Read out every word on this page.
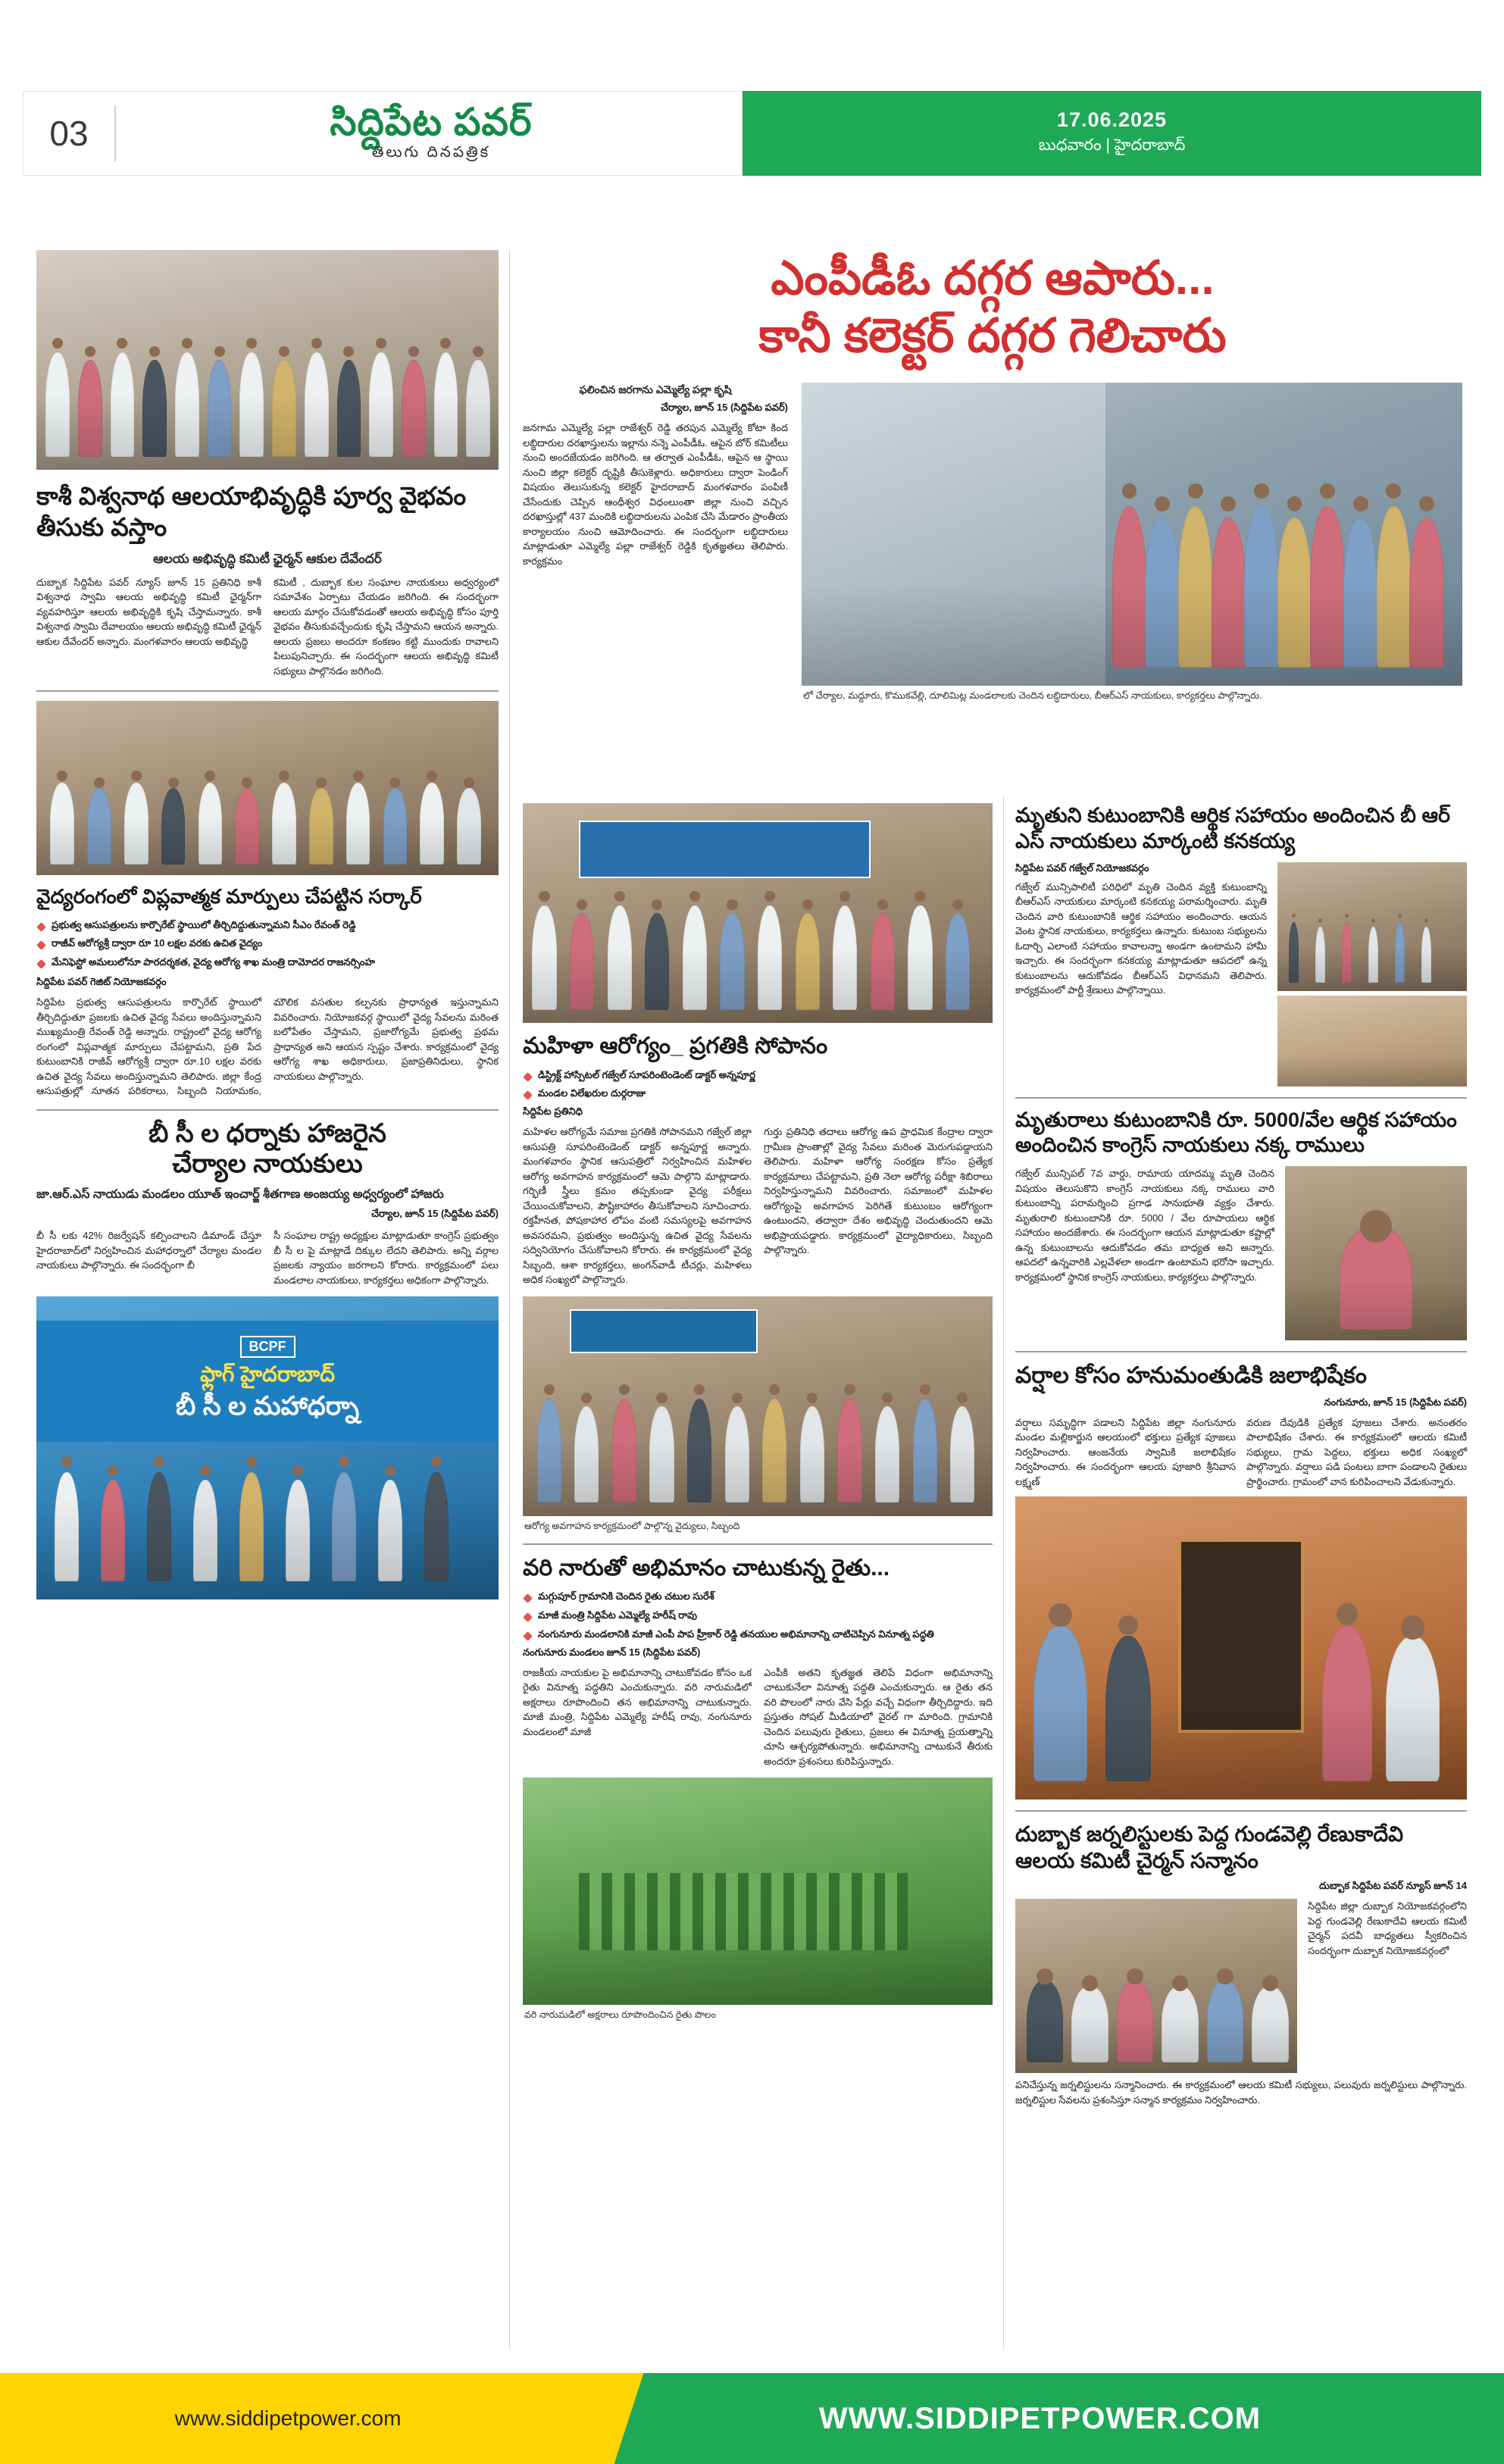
03	సిద్దిపేట పవర్
తెలుగు దినపత్రిక
17.06.2025
బుధవారం | హైదరాబాద్
కాశీ విశ్వనాథ ఆలయాభివృద్ధికి పూర్వ వైభవం తీసుకు వస్తాం
ఆలయ అభివృద్ధి కమిటీ ఛైర్మన్‌ ఆకుల దేవేందర్‌
దుబ్బాక సిద్దిపేట పవర్‌ న్యూస్‌ జూన్‌ 15 ప్రతినిధి కాశీ విశ్వనాథ స్వామి ఆలయ అభివృద్ధి కమిటీ ఛైర్మన్‌గా వ్యవహరిస్తూ ఆలయ అభివృద్ధికి కృషి చేస్తామన్నారు. కాశీ విశ్వనాథ స్వామి దేవాలయం ఆలయ అభివృద్ధి కమిటీ ఛైర్మన్‌ ఆకుల దేవేందర్‌ అన్నారు. మంగళవారం ఆలయ అభివృద్ధి
కమిటీ , దుబ్బాక కుల సంఘాల నాయకులు అధ్వర్యంలో సమావేశం ఏర్పాటు చేయడం జరిగింది. ఈ సందర్భంగా ఆలయ మార్గం చేసుకోవడంతో ఆలయ అభివృద్ధి కోసం పూర్తి వైభవం తీసుకువచ్చేందుకు కృషి చేస్తామని ఆయన అన్నారు. ఆలయ ప్రజలు అందరూ కంకణం కట్టి ముందుకు రావాలని పిలుపునిచ్చారు. ఈ సందర్భంగా ఆలయ అభివృద్ధి కమిటీ సభ్యులు పాల్గొనడం జరిగింది.
వైద్యరంగంలో విప్లవాత్మక మార్పులు చేపట్టిన సర్కార్
ప్రభుత్వ ఆసుపత్రులను కార్పొరేట్‌ స్థాయిలో తీర్చిదిద్దుతున్నామని సీఎం రేవంత్‌ రెడ్డి
రాజీవ్‌ ఆరోగ్యశ్రీ ద్వారా రూ 10 లక్షల వరకు ఉచిత వైద్యం
మేనిఫెస్టో అమలులోనూ పారదర్శకత, వైద్య ఆరోగ్య శాఖ మంత్రి దామోదర రాజనర్సింహ
సిద్దిపేట పవర్ గెజిట్ నియోజకవర్గం
సిద్దిపేట ప్రభుత్వ ఆసుపత్రులను కార్పొరేట్ స్థాయిలో తీర్చిదిద్దుతూ ప్రజలకు ఉచిత వైద్య సేవలు అందిస్తున్నామని ముఖ్యమంత్రి రేవంత్ రెడ్డి అన్నారు. రాష్ట్రంలో వైద్య ఆరోగ్య రంగంలో విప్లవాత్మక మార్పులు చేపట్టామని, ప్రతి పేద కుటుంబానికి రాజీవ్ ఆరోగ్యశ్రీ ద్వారా రూ.10 లక్షల వరకు ఉచిత వైద్య సేవలు అందిస్తున్నామని తెలిపారు. జిల్లా కేంద్ర ఆసుపత్రుల్లో నూతన పరికరాలు, సిబ్బంది నియామకం, మౌలిక వసతుల కల్పనకు ప్రాధాన్యత ఇస్తున్నామని వివరించారు. నియోజకవర్గ స్థాయిలో వైద్య సేవలను మరింత బలోపేతం చేస్తామని, ప్రజారోగ్యమే ప్రభుత్వ ప్రథమ ప్రాధాన్యత అని ఆయన స్పష్టం చేశారు. కార్యక్రమంలో వైద్య ఆరోగ్య శాఖ అధికారులు, ప్రజాప్రతినిధులు, స్థానిక నాయకులు పాల్గొన్నారు.
బీ సీ ల ధర్నాకు హాజరైన
చేర్యాల నాయకులు
జా.ఆర్‌.ఎస్‌ నాయుడు మండలం యూత్‌ ఇంచార్జ్‌ శీతగాణ అంజయ్య అధ్వర్యంలో హాజరు
చేర్యాల, జూన్ 15 (సిద్దిపేట పవర్)
బీ సీ లకు 42% రిజర్వేషన్‌ కల్పించాలని డిమాండ్‌ చేస్తూ హైదరాబాద్‌లో నిర్వహించిన మహాధర్నాలో చేర్యాల మండల నాయకులు పాల్గొన్నారు. ఈ సందర్భంగా బీ
సీ సంఘాల రాష్ట్ర అధ్యక్షుల మాట్లాడుతూ కాంగ్రెస్ ప్రభుత్వం బీ సీ ల పై మాట్లాడే దిక్కుల లేదని తెలిపారు. అన్ని వర్గాల ప్రజలకు న్యాయం జరగాలని కోరారు. కార్యక్రమంలో పలు మండలాల నాయకులు, కార్యకర్తలు అధికంగా పాల్గొన్నారు.
BCPF
ఫ్లాగ్ హైదరాబాద్
బీ సీ ల మహాధర్నా
ఎంపీడీఓ దగ్గర ఆపారు...
కానీ కలెక్టర్‌ దగ్గర గెలిచారు
ఫలించిన జరగాను ఎమ్మెల్యే పల్లా కృషి
చేర్యాల, జూన్ 15 (సిద్దిపేట పవర్)
జనగామ ఎమ్మెల్యే పల్లా రాజేశ్వర్‌ రెడ్డి తరపున ఎమ్మెల్యే కోటా కింద లబ్ధిదారుల దరఖాస్తులను ఇల్లాను నన్నె ఎంపీడీఓ. ఆపైన బోర్ కమిటీలు నుంచి అందజేయడం జరిగింది. ఆ తర్వాత ఎంపీడీఓ, ఆపైన ఆ స్థాయి నుంచి జిల్లా కలెక్టర్‌ దృష్టికి తీసుకెళ్లారు. అధికారులు ద్వారా పెండింగ్ విషయం తెలుసుకున్న కలెక్టర్‌ హైదరాబాద్ మంగళవారం పంపిణీ చేసేందుకు చెప్పిన ఆంధీశ్వర విధంలుంతా జిల్లా నుంచి వచ్చిన దరఖాస్తుల్లో 437 మందికి లబ్ధిదారులను ఎంపిక చేసి మేడారం ప్రాంతీయ కార్యాలయం నుంచి ఆమోదించారు. ఈ సందర్భంగా లబ్ధిదారులు మాట్లాడుతూ ఎమ్మెల్యే పల్లా రాజేశ్వర్‌ రెడ్డికి కృతజ్ఞతలు తెలిపారు. కార్యక్రమం
లో చేర్యాల, మద్దూరు, కొముకవేల్లి, దూలిమిట్ల మండలాలకు చెందిన లబ్ధిదారులు, బీఆర్ఎస్ నాయకులు, కార్యకర్తలు పాల్గొన్నారు.
మహిళా ఆరోగ్యం_ ప్రగతికి సోపానం
డిస్ట్రిక్ట్ హాస్పిటల్ గజ్వేల్ సూపరింటెండెంట్ డాక్టర్ అన్నపూర్ణ
మండల విలేఖరుల దుర్గరాజు
సిద్దిపేట ప్రతినిధి
మహిళల ఆరోగ్యమే సమాజ ప్రగతికి సోపానమని గజ్వేల్ జిల్లా ఆసుపత్రి సూపరింటెండెంట్ డాక్టర్ అన్నపూర్ణ అన్నారు. మంగళవారం స్థానిక ఆసుపత్రిలో నిర్వహించిన మహిళల ఆరోగ్య అవగాహన కార్యక్రమంలో ఆమె పాల్గొని మాట్లాడారు. గర్భిణీ స్త్రీలు క్రమం తప్పకుండా వైద్య పరీక్షలు చేయించుకోవాలని, పౌష్టికాహారం తీసుకోవాలని సూచించారు. రక్తహీనత, పోషకాహార లోపం వంటి సమస్యలపై అవగాహన అవసరమని, ప్రభుత్వం అందిస్తున్న ఉచిత వైద్య సేవలను సద్వినియోగం చేసుకోవాలని కోరారు. ఈ కార్యక్రమంలో వైద్య సిబ్బంది, ఆశా కార్యకర్తలు, అంగన్‌వాడీ టీచర్లు, మహిళలు అధిక సంఖ్యలో పాల్గొన్నారు.
గుర్తు ప్రతినిధి తదాలు ఆరోగ్య ఉప ప్రాధమిక కేంద్రాల ద్వారా గ్రామీణ ప్రాంతాల్లో వైద్య సేవలు మరింత మెరుగుపడ్డాయని తెలిపారు. మహిళా ఆరోగ్య సంరక్షణ కోసం ప్రత్యేక కార్యక్రమాలు చేపట్టామని, ప్రతి నెలా ఆరోగ్య పరీక్షా శిబిరాలు నిర్వహిస్తున్నామని వివరించారు. సమాజంలో మహిళల ఆరోగ్యంపై అవగాహన పెరిగితే కుటుంబం ఆరోగ్యంగా ఉంటుందని, తద్వారా దేశం అభివృద్ధి చెందుతుందని ఆమె అభిప్రాయపడ్డారు. కార్యక్రమంలో వైద్యాధికారులు, సిబ్బంది పాల్గొన్నారు.
ఆరోగ్య అవగాహన కార్యక్రమంలో పాల్గొన్న వైద్యులు, సిబ్బంది
వరి నారుతో అభిమానం చాటుకున్న రైతు...
మగ్గుపూర్ గ్రామానికి చెందిన రైతు చటుల సురేశ్
మాజీ మంత్రి సిద్దిపేట ఎమ్మెల్యే హరీష్ రావు
నంగునూరు మండలానికి మాజీ ఎంపీ పాప హ్రీకార్ రెడ్డి తనయుల అభిమానాన్ని చాటిచెప్పిన వినూత్న పద్ధతి
నంగునూరు మండలం జూన్ 15 (సిద్దిపేట పవర్)
రాజకీయ నాయకుల పై అభిమానాన్ని చాటుకోవడం కోసం ఒక రైతు వినూత్న పద్ధతిని ఎంచుకున్నారు. వరి నారుమడిలో అక్షరాలు రూపొందించి తన అభిమానాన్ని చాటుకున్నారు. మాజీ మంత్రి, సిద్దిపేట ఎమ్మెల్యే హరీష్ రావు, నంగునూరు మండలంలో మాజీ
ఎంపీకి అతని కృతజ్ఞత తెలిపే విధంగా అభిమానాన్ని చాటుకునేలా వినూత్న పద్ధతి ఎంచుకున్నారు. ఆ రైతు తన వరి పొలంలో నారు వేసి పేర్లు వచ్చే విధంగా తీర్చిదిద్దారు. ఇది ప్రస్తుతం సోషల్ మీడియాలో వైరల్ గా మారింది. గ్రామానికి చెందిన పలువురు రైతులు, ప్రజలు ఈ వినూత్న ప్రయత్నాన్ని చూసి ఆశ్చర్యపోతున్నారు. అభిమానాన్ని చాటుకునే తీరుకు అందరూ ప్రశంసలు కురిపిస్తున్నారు.
వరి నారుమడిలో అక్షరాలు రూపొందించిన రైతు పొలం
మృతుని కుటుంబానికి ఆర్థిక సహాయం అందించిన బీ ఆర్ ఎస్ నాయకులు మార్కంటి కనకయ్య
సిద్దిపేట పవర్ గజ్వేల్ నియోజకవర్గం
గజ్వేల్ మున్సిపాలిటీ పరిధిలో మృతి చెందిన వ్యక్తి కుటుంబాన్ని బీఆర్ఎస్ నాయకులు మార్కంటి కనకయ్య పరామర్శించారు. మృతి చెందిన వారి కుటుంబానికి ఆర్థిక సహాయం అందించారు. ఆయన వెంట స్థానిక నాయకులు, కార్యకర్తలు ఉన్నారు. కుటుంబ సభ్యులను ఓదార్చి ఎలాంటి సహాయం కావాలన్నా అండగా ఉంటామని హామీ ఇచ్చారు. ఈ సందర్భంగా కనకయ్య మాట్లాడుతూ ఆపదలో ఉన్న కుటుంబాలను ఆదుకోవడం బీఆర్ఎస్ విధానమని తెలిపారు. కార్యక్రమంలో పార్టీ శ్రేణులు పాల్గొన్నాయి.
మృతురాలు కుటుంబానికి రూ. 5000/వేల ఆర్థిక సహాయం అందించిన కాంగ్రెస్ నాయకులు నక్క రాములు
గజ్వేల్ మున్సిపల్ 7వ వార్డు, రామాయ యాదమ్మ మృతి చెందిన విషయం తెలుసుకొని కాంగ్రెస్ నాయకులు నక్క రాములు వారి కుటుంబాన్ని పరామర్శించి ప్రగాఢ సానుభూతి వ్యక్తం చేశారు. మృతురాలి కుటుంబానికి రూ. 5000 / వేల రూపాయలు ఆర్థిక సహాయం అందజేశారు. ఈ సందర్భంగా ఆయన మాట్లాడుతూ కష్టాల్లో ఉన్న కుటుంబాలను ఆదుకోవడం తమ బాధ్యత అని అన్నారు. ఆపదలో ఉన్నవారికి ఎల్లవేళలా అండగా ఉంటామని భరోసా ఇచ్చారు. కార్యక్రమంలో స్థానిక కాంగ్రెస్ నాయకులు, కార్యకర్తలు పాల్గొన్నారు.
వర్షాల కోసం హనుమంతుడికి జలాభిషేకం
నంగునూరు, జూన్ 15 (సిద్దిపేట పవర్)
వర్షాలు సమృద్ధిగా పడాలని సిద్దిపేట జిల్లా నంగునూరు మండల మల్లికార్జున ఆలయంలో భక్తులు ప్రత్యేక పూజలు నిర్వహించారు. ఆంజనేయ స్వామికి జలాభిషేకం నిర్వహించారు. ఈ సందర్భంగా ఆలయ పూజారి శ్రీనివాస లక్ష్మణ్
వరుణ దేవుడికి ప్రత్యేక పూజలు చేశారు. అనంతరం పాలాభిషేకం చేశారు. ఈ కార్యక్రమంలో ఆలయ కమిటీ సభ్యులు, గ్రామ పెద్దలు, భక్తులు అధిక సంఖ్యలో పాల్గొన్నారు. వర్షాలు పడి పంటలు బాగా పండాలని రైతులు ప్రార్థించారు. గ్రామంలో వాన కురిపించాలని వేడుకున్నారు.
దుబ్బాక జర్నలిస్టులకు పెద్ద గుండవెల్లి రేణుకాదేవి ఆలయ కమిటీ చైర్మన్ సన్మానం
దుబ్బాక సిద్దిపేట పవర్ న్యూస్ జూన్ 14
సిద్దిపేట జిల్లా దుబ్బాక నియోజకవర్గంలోని పెద్ద గుండవెల్లి రేణుకాదేవి ఆలయ కమిటీ చైర్మన్ పదవీ బాధ్యతలు స్వీకరించిన సందర్భంగా దుబ్బాక నియోజకవర్గంలో
పనిచేస్తున్న జర్నలిస్టులను సన్మానించారు. ఈ కార్యక్రమంలో ఆలయ కమిటీ సభ్యులు, పలువురు జర్నలిస్టులు పాల్గొన్నారు. జర్నలిస్టుల సేవలను ప్రశంసిస్తూ సన్మాన కార్యక్రమం నిర్వహించారు.
WWW.SIDDIPETPOWER.COM
www.siddipetpower.com
